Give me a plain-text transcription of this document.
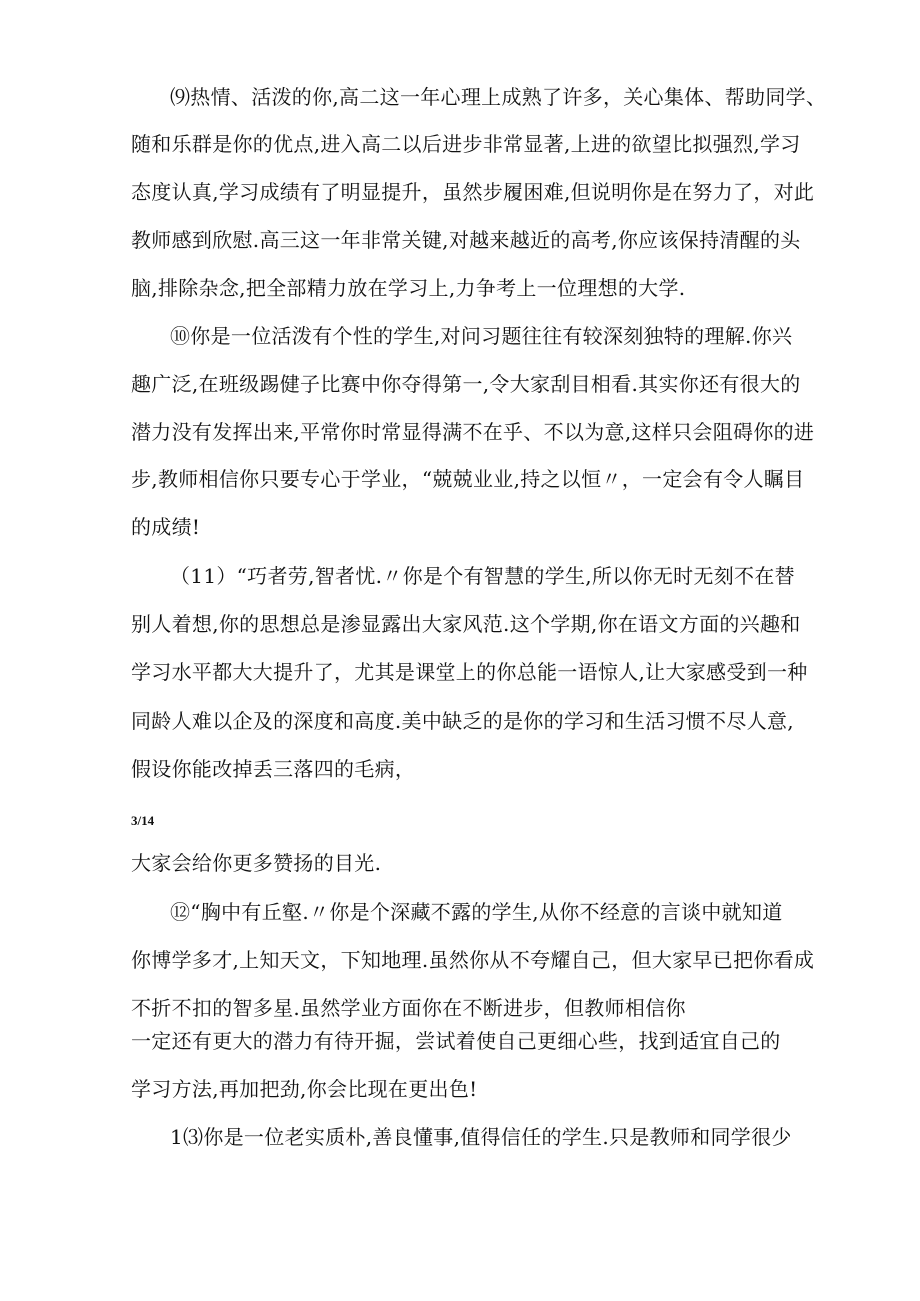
⑼热情、活泼的你,高二这一年心理上成熟了许多，关心集体、帮助同学、
随和乐群是你的优点,进入高二以后进步非常显著,上进的欲望比拟强烈,学习
态度认真,学习成绩有了明显提升，虽然步履困难,但说明你是在努力了，对此
教师感到欣慰.高三这一年非常关键,对越来越近的高考,你应该保持清醒的头
脑,排除杂念,把全部精力放在学习上,力争考上一位理想的大学.
⑩你是一位活泼有个性的学生,对问习题往往有较深刻独特的理解.你兴
趣广泛,在班级踢健子比赛中你夺得第一,令大家刮目相看.其实你还有很大的
潜力没有发挥出来,平常你时常显得满不在乎、不以为意,这样只会阻碍你的进
步,教师相信你只要专心于学业，“兢兢业业,持之以恒〃，一定会有令人瞩目
的成绩!
（11）“巧者劳,智者忧.〃你是个有智慧的学生,所以你无时无刻不在替
别人着想,你的思想总是渗显露出大家风范.这个学期,你在语文方面的兴趣和
学习水平都大大提升了，尤其是课堂上的你总能一语惊人,让大家感受到一种
同龄人难以企及的深度和高度.美中缺乏的是你的学习和生活习惯不尽人意,
假设你能改掉丢三落四的毛病，
3/14
大家会给你更多赞扬的目光.
⑫“胸中有丘壑.〃你是个深藏不露的学生,从你不经意的言谈中就知道
你博学多才,上知天文，下知地理.虽然你从不夸耀自己，但大家早已把你看成
不折不扣的智多星.虽然学业方面你在不断进步，但教师相信你
一定还有更大的潜力有待开掘，尝试着使自己更细心些，找到适宜自己的
学习方法,再加把劲,你会比现在更出色!
1⑶你是一位老实质朴,善良懂事,值得信任的学生.只是教师和同学很少
